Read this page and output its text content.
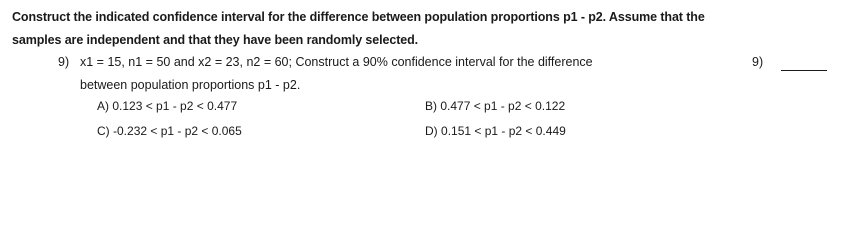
Construct the indicated confidence interval for the difference between population proportions p1 - p2. Assume that the
samples are independent and that they have been randomly selected.
9) x1 = 15, n1 = 50 and x2 = 23, n2 = 60; Construct a 90% confidence interval for the difference
between population proportions p1 - p2.
9)
A) 0.123 < p1 - p2 < 0.477	B) 0.477 < p1 - p2 < 0.122
C) -0.232 < p1 - p2 < 0.065	D) 0.151 < p1 - p2 < 0.449
